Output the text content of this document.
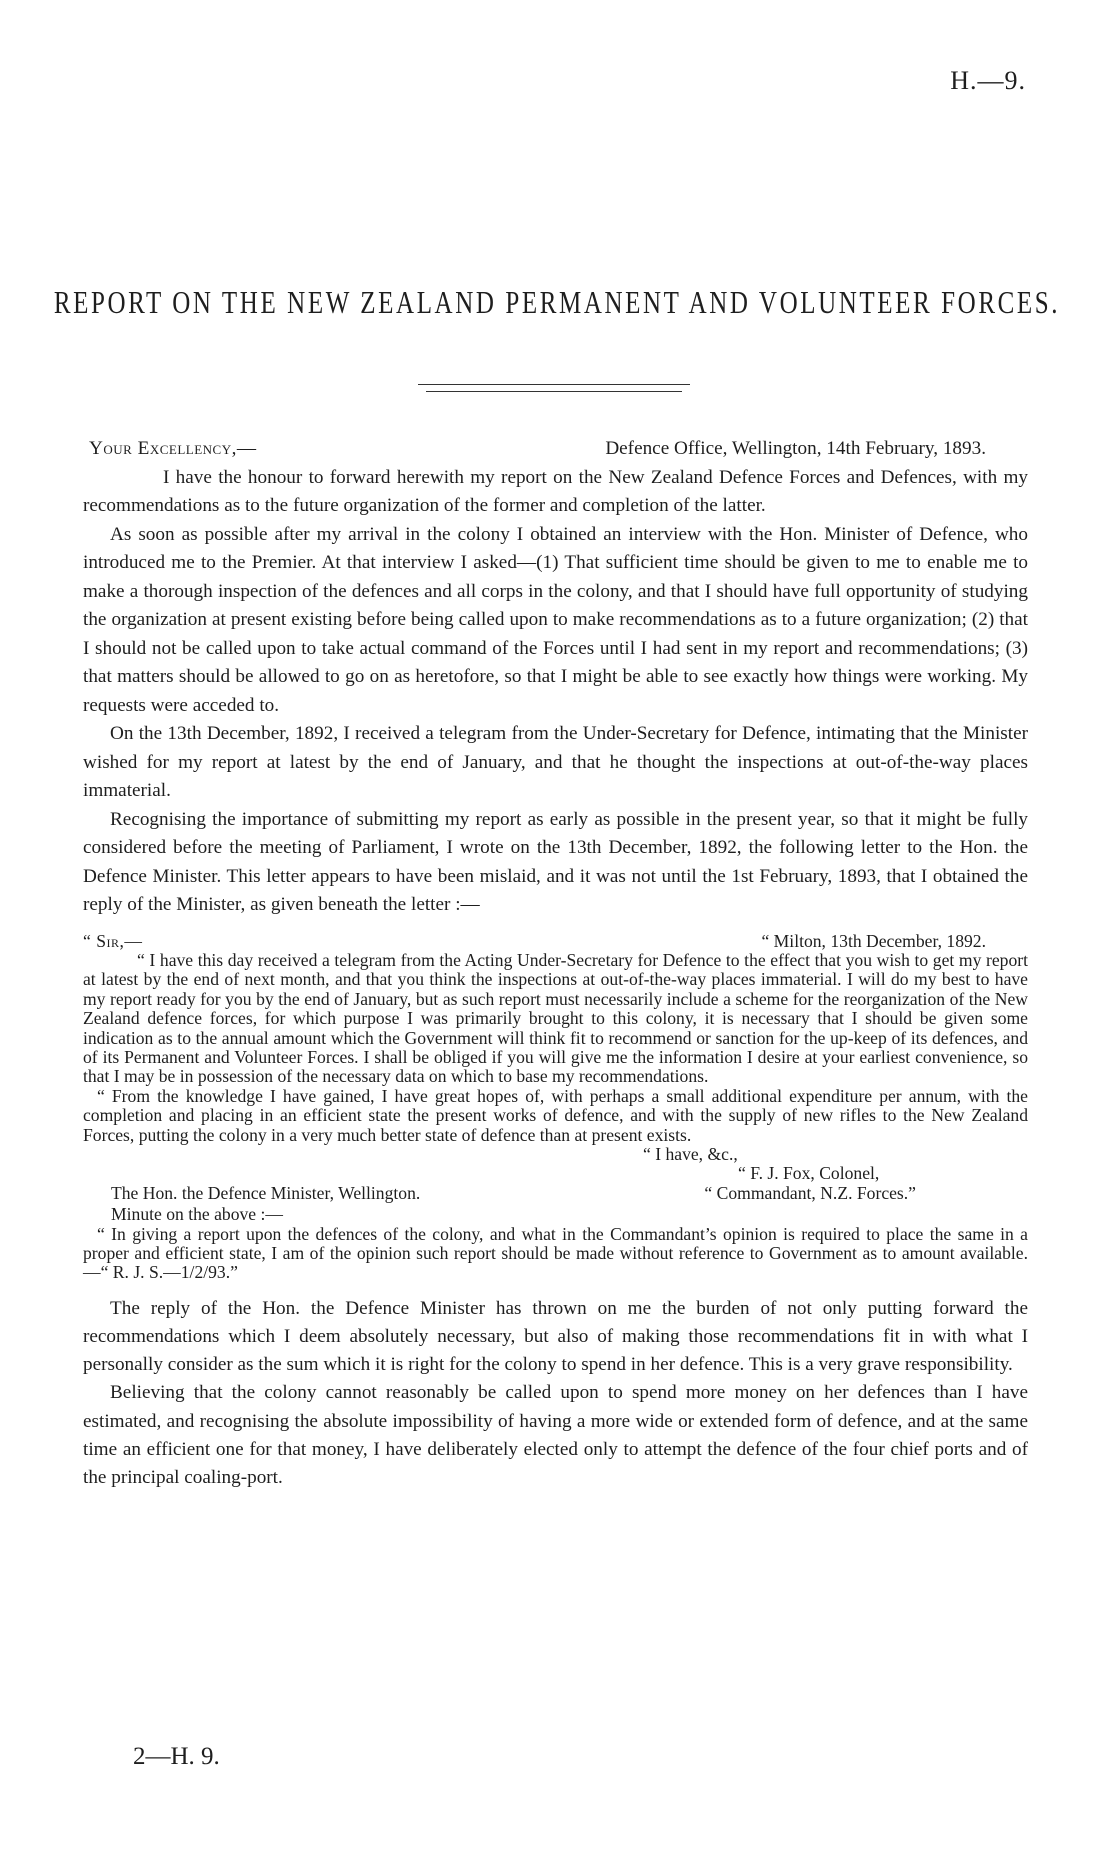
H.—9.
REPORT ON THE NEW ZEALAND PERMANENT AND VOLUNTEER FORCES.
Your Excellency,—	Defence Office, Wellington, 14th February, 1893.

I have the honour to forward herewith my report on the New Zealand Defence Forces and Defences, with my recommendations as to the future organization of the former and completion of the latter.

As soon as possible after my arrival in the colony I obtained an interview with the Hon. Minister of Defence, who introduced me to the Premier. At that interview I asked—(1) That sufficient time should be given to me to enable me to make a thorough inspection of the defences and all corps in the colony, and that I should have full opportunity of studying the organization at present existing before being called upon to make recommendations as to a future organization; (2) that I should not be called upon to take actual command of the Forces until I had sent in my report and recommendations; (3) that matters should be allowed to go on as heretofore, so that I might be able to see exactly how things were working. My requests were acceded to.

On the 13th December, 1892, I received a telegram from the Under-Secretary for Defence, intimating that the Minister wished for my report at latest by the end of January, and that he thought the inspections at out-of-the-way places immaterial.

Recognising the importance of submitting my report as early as possible in the present year, so that it might be fully considered before the meeting of Parliament, I wrote on the 13th December, 1892, the following letter to the Hon. the Defence Minister. This letter appears to have been mislaid, and it was not until the 1st February, 1893, that I obtained the reply of the Minister, as given beneath the letter :—

“ Sir,—	“ Milton, 13th December, 1892.

“ I have this day received a telegram from the Acting Under-Secretary for Defence to the effect that you wish to get my report at latest by the end of next month, and that you think the inspections at out-of-the-way places immaterial. I will do my best to have my report ready for you by the end of January, but as such report must necessarily include a scheme for the reorganization of the New Zealand defence forces, for which purpose I was primarily brought to this colony, it is necessary that I should be given some indication as to the annual amount which the Government will think fit to recommend or sanction for the up-keep of its defences, and of its Permanent and Volunteer Forces. I shall be obliged if you will give me the information I desire at your earliest convenience, so that I may be in possession of the necessary data on which to base my recommendations.

“ From the knowledge I have gained, I have great hopes of, with perhaps a small additional expenditure per annum, with the completion and placing in an efficient state the present works of defence, and with the supply of new rifles to the New Zealand Forces, putting the colony in a very much better state of defence than at present exists.

“ I have, &c.,
“ F. J. Fox, Colonel,
The Hon. the Defence Minister, Wellington.	“ Commandant, N.Z. Forces.”
Minute on the above :—

“ In giving a report upon the defences of the colony, and what in the Commandant’s opinion is required to place the same in a proper and efficient state, I am of the opinion such report should be made without reference to Government as to amount available.—“ R. J. S.—1/2/93.”

The reply of the Hon. the Defence Minister has thrown on me the burden of not only putting forward the recommendations which I deem absolutely necessary, but also of making those recommendations fit in with what I personally consider as the sum which it is right for the colony to spend in her defence. This is a very grave responsibility.

Believing that the colony cannot reasonably be called upon to spend more money on her defences than I have estimated, and recognising the absolute impossibility of having a more wide or extended form of defence, and at the same time an efficient one for that money, I have deliberately elected only to attempt the defence of the four chief ports and of the principal coaling-port.

2—H. 9.
